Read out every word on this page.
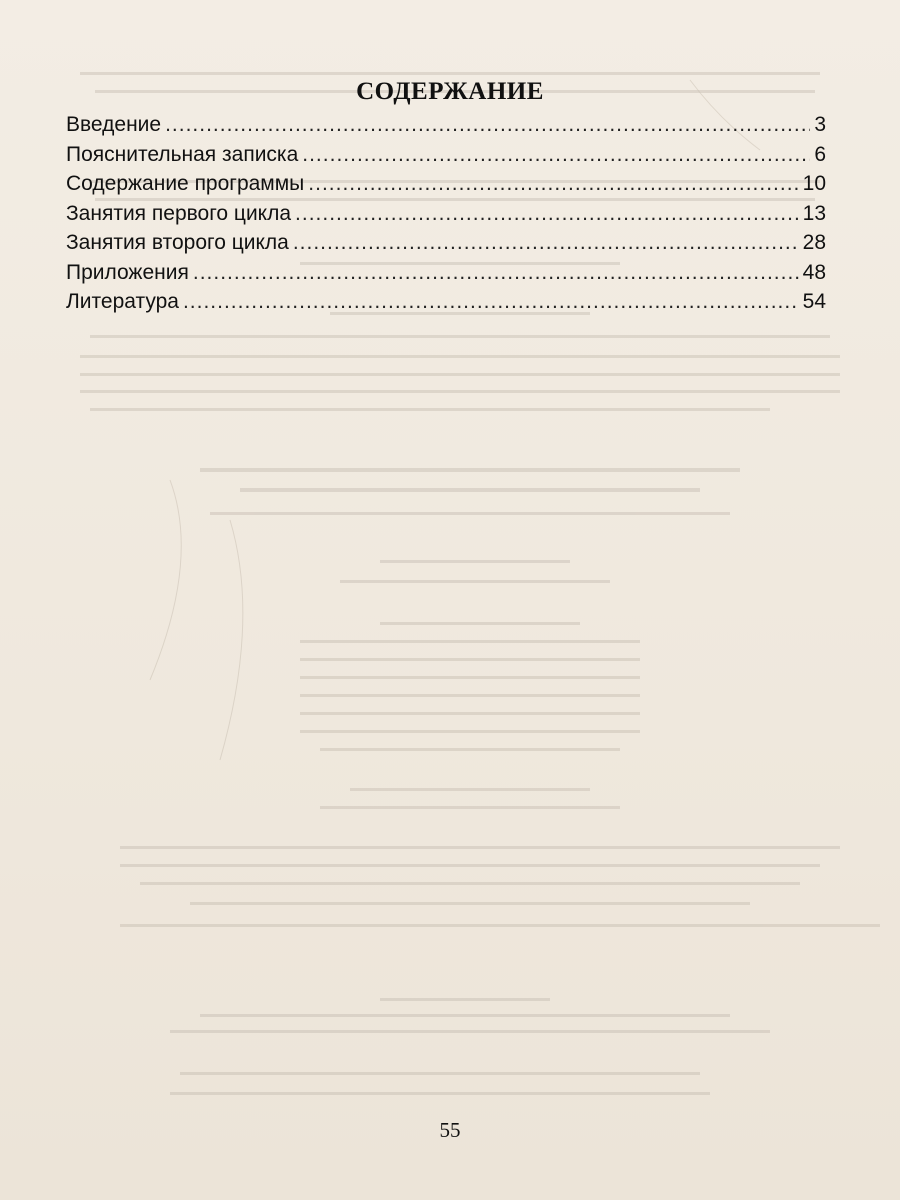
СОДЕРЖАНИЕ
Введение .....	3
Пояснительная записка .....	6
Содержание программы .....	10
Занятия первого цикла .....	13
Занятия второго цикла .....	28
Приложения .....	48
Литература .....	54
55
